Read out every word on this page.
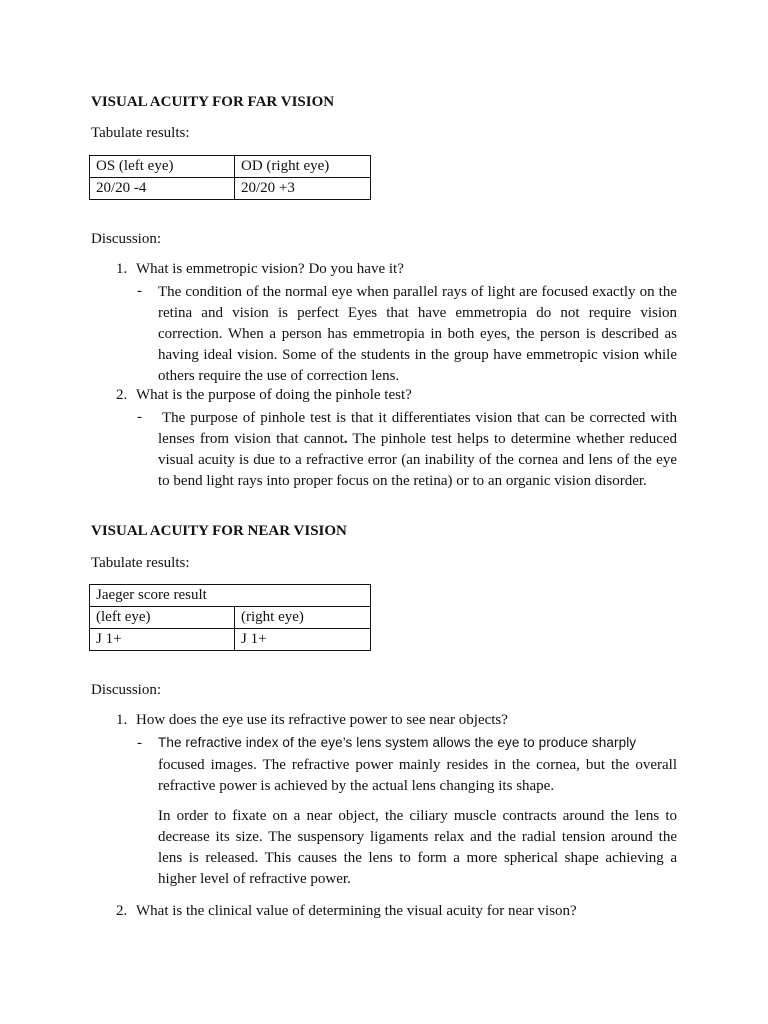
VISUAL ACUITY FOR FAR VISION
Tabulate results:
OS (left eye)	OD (right eye)
20/20 -4	20/20 +3
Discussion:
1. What is emmetropic vision? Do you have it?
- The condition of the normal eye when parallel rays of light are focused exactly on the retina and vision is perfect Eyes that have emmetropia do not require vision correction. When a person has emmetropia in both eyes, the person is described as having ideal vision. Some of the students in the group have emmetropic vision while others require the use of correction lens.
2. What is the purpose of doing the pinhole test?
- The purpose of pinhole test is that it differentiates vision that can be corrected with lenses from vision that cannot. The pinhole test helps to determine whether reduced visual acuity is due to a refractive error (an inability of the cornea and lens of the eye to bend light rays into proper focus on the retina) or to an organic vision disorder.
VISUAL ACUITY FOR NEAR VISION
Tabulate results:
Jaeger score result	
(left eye)	(right eye)
J 1+	J 1+
Discussion:
1. How does the eye use its refractive power to see near objects?
- The refractive index of the eye’s lens system allows the eye to produce sharply
focused images. The refractive power mainly resides in the cornea, but the overall refractive power is achieved by the actual lens changing its shape.
In order to fixate on a near object, the ciliary muscle contracts around the lens to decrease its size. The suspensory ligaments relax and the radial tension around the lens is released. This causes the lens to form a more spherical shape achieving a higher level of refractive power.
2. What is the clinical value of determining the visual acuity for near vison?
